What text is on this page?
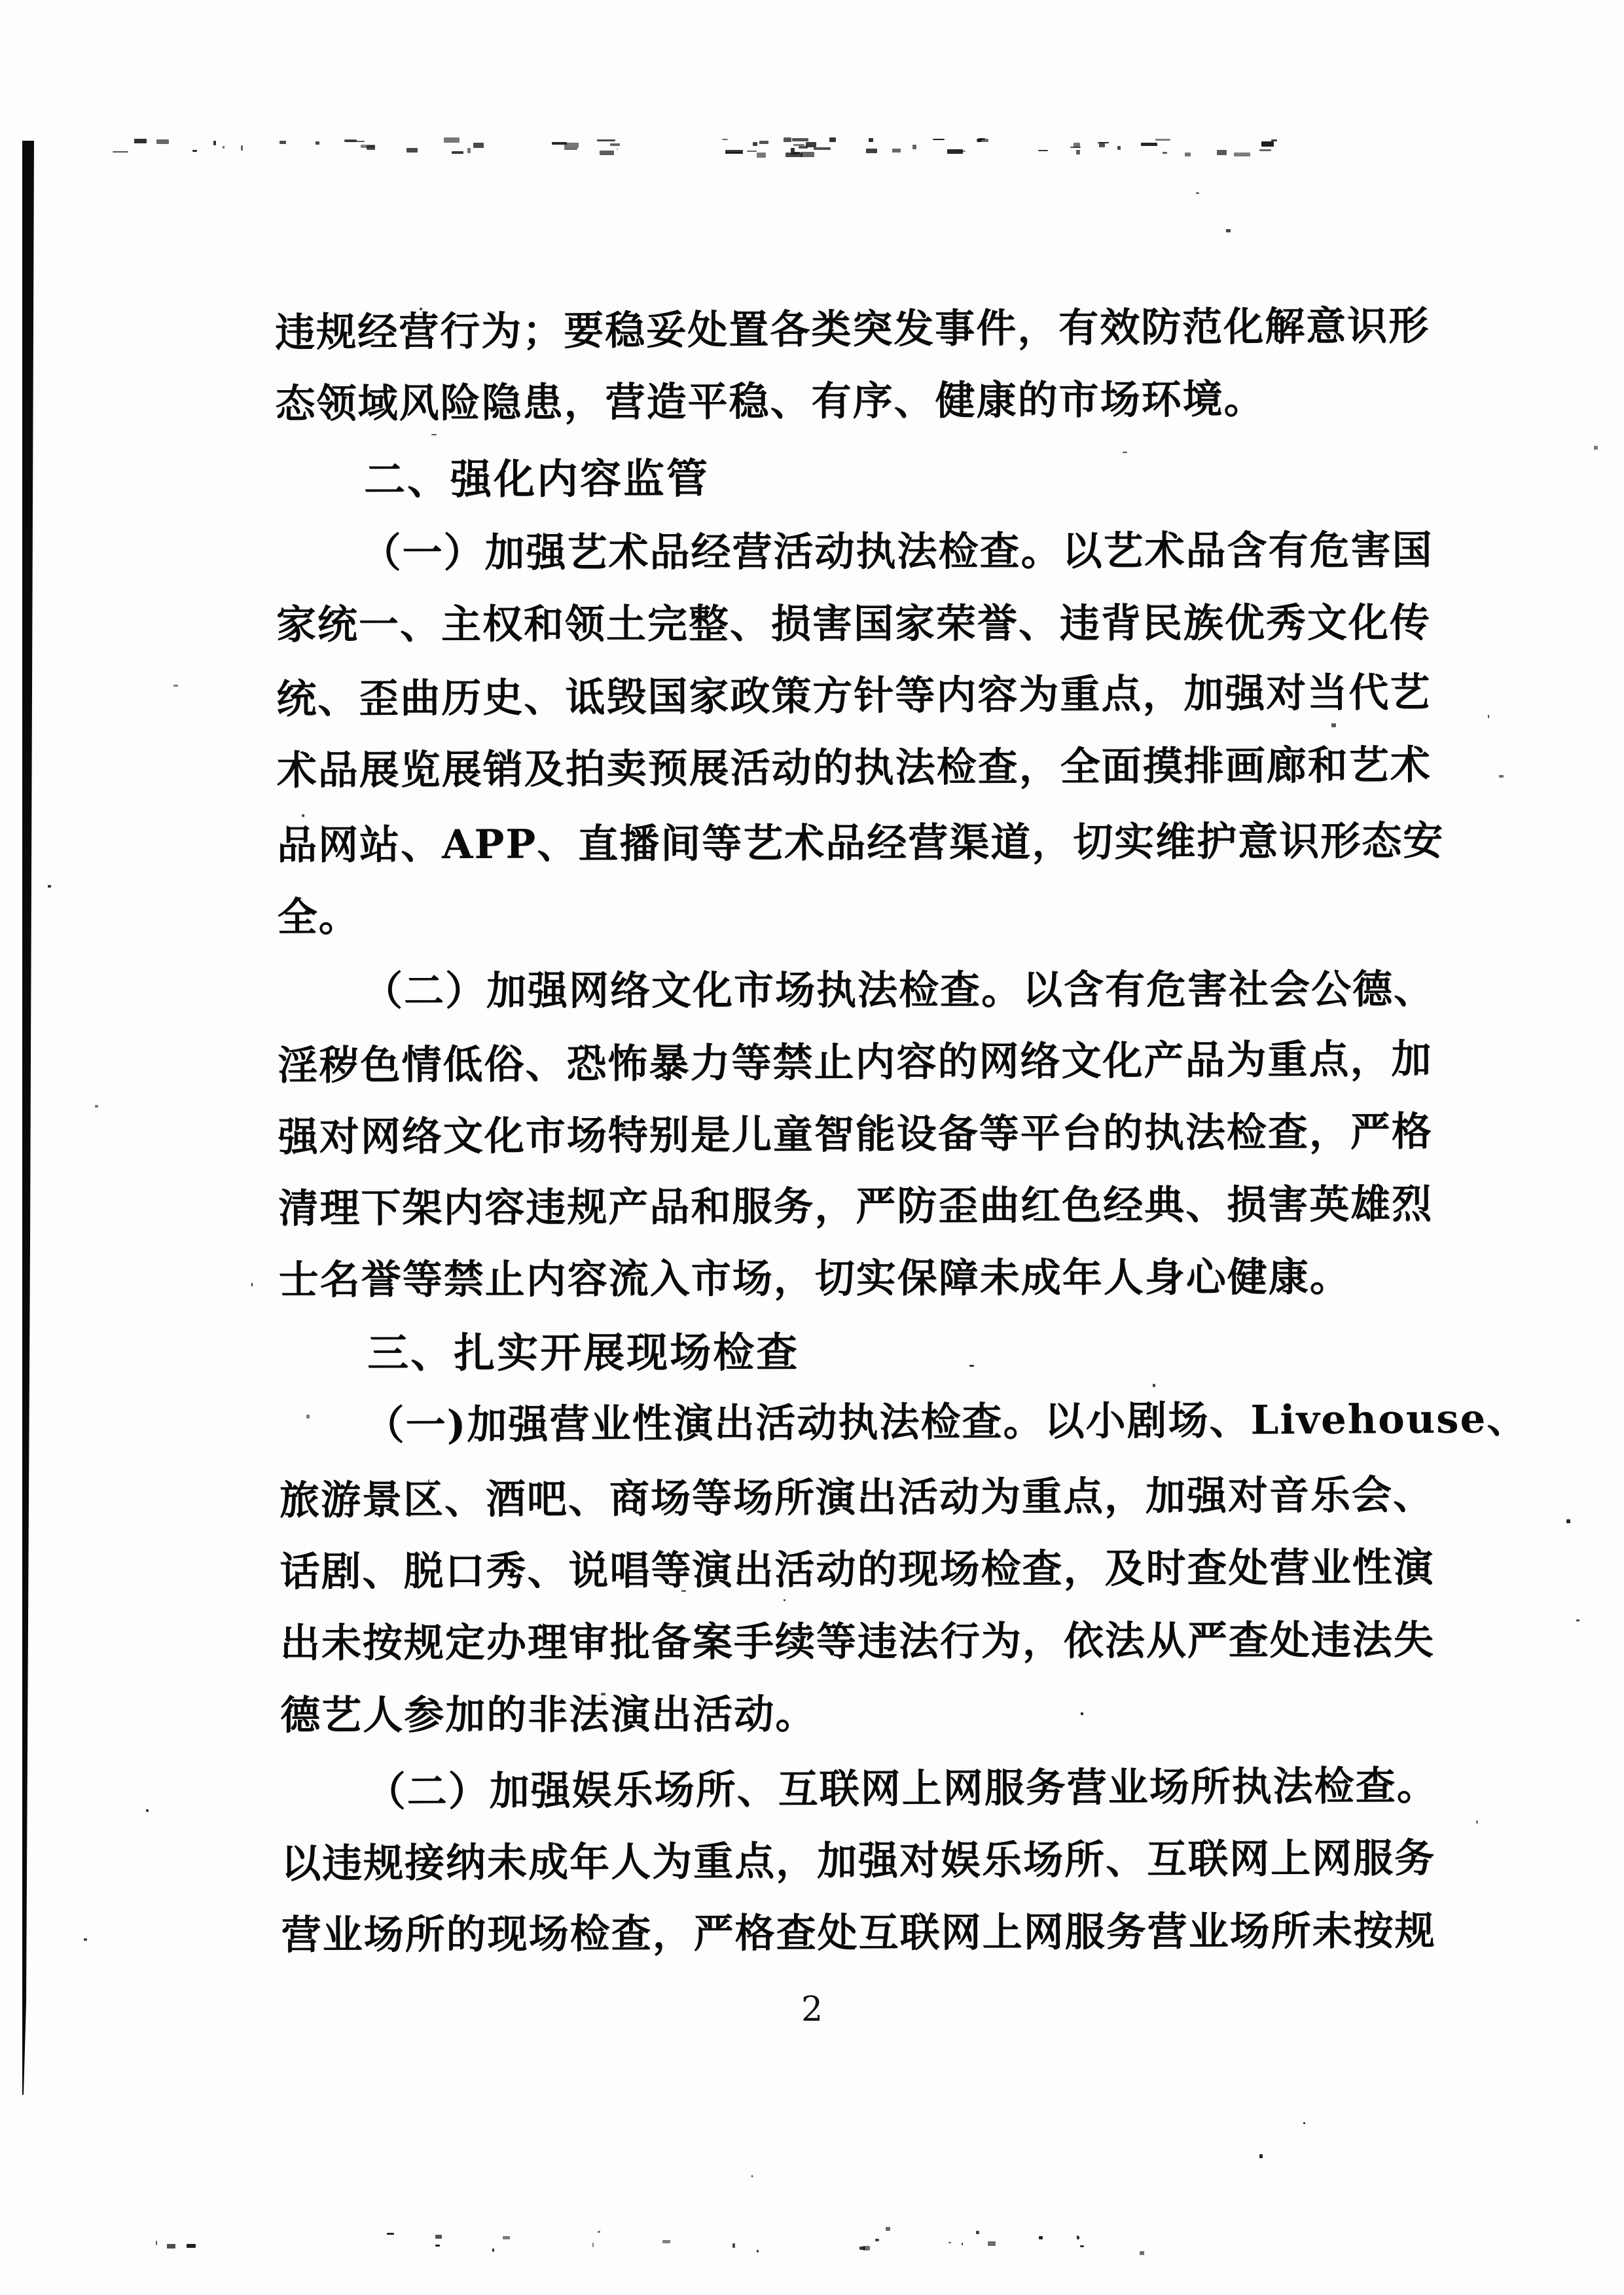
违规经营行为；要稳妥处置各类突发事件，有效防范化解意识形
态领域风险隐患，营造平稳、有序、健康的市场环境。
二、强化内容监管
（一）加强艺术品经营活动执法检查。以艺术品含有危害国
家统一、主权和领土完整、损害国家荣誉、违背民族优秀文化传
统、歪曲历史、诋毁国家政策方针等内容为重点，加强对当代艺
术品展览展销及拍卖预展活动的执法检查，全面摸排画廊和艺术
品网站、APP、直播间等艺术品经营渠道，切实维护意识形态安
全。
（二）加强网络文化市场执法检查。以含有危害社会公德、
淫秽色情低俗、恐怖暴力等禁止内容的网络文化产品为重点，加
强对网络文化市场特别是儿童智能设备等平台的执法检查，严格
清理下架内容违规产品和服务，严防歪曲红色经典、损害英雄烈
士名誉等禁止内容流入市场，切实保障未成年人身心健康。
三、扎实开展现场检查
（一)加强营业性演出活动执法检查。以小剧场、Livehouse、
旅游景区、酒吧、商场等场所演出活动为重点，加强对音乐会、
话剧、脱口秀、说唱等演出活动的现场检查，及时查处营业性演
出未按规定办理审批备案手续等违法行为，依法从严查处违法失
德艺人参加的非法演出活动。
（二）加强娱乐场所、互联网上网服务营业场所执法检查。
以违规接纳未成年人为重点，加强对娱乐场所、互联网上网服务
营业场所的现场检查，严格查处互联网上网服务营业场所未按规
2
